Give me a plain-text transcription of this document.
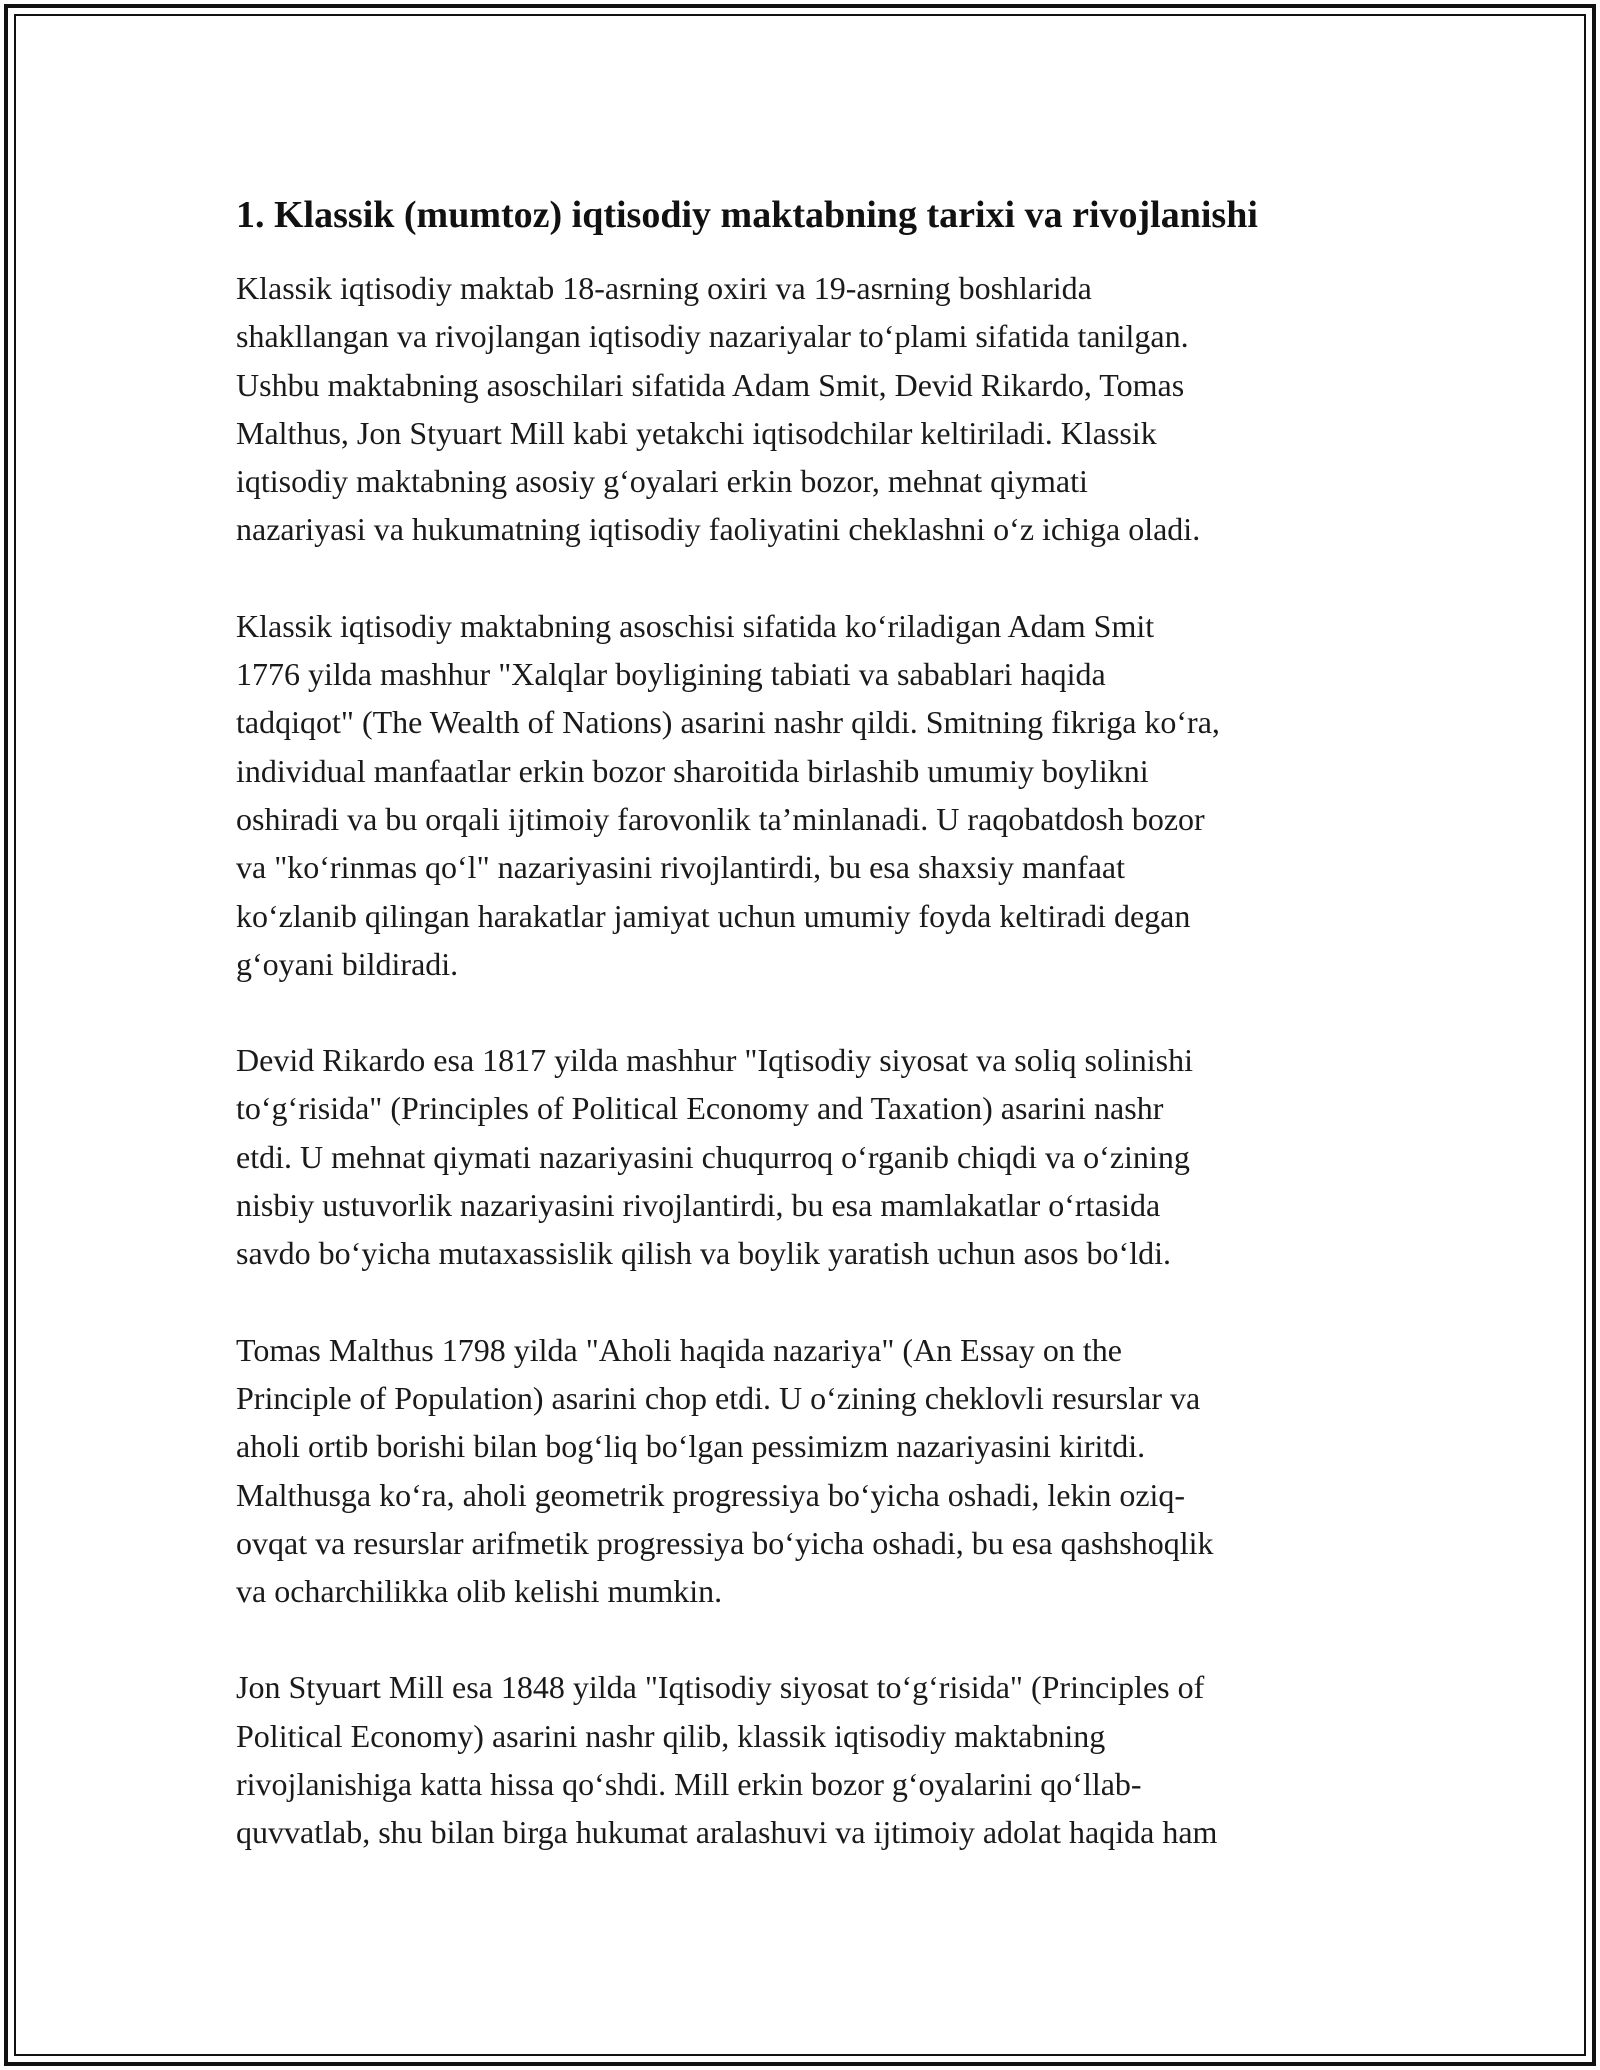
1. Klassik (mumtoz) iqtisodiy maktabning tarixi va rivojlanishi

Klassik iqtisodiy maktab 18-asrning oxiri va 19-asrning boshlarida
shakllangan va rivojlangan iqtisodiy nazariyalar to‘plami sifatida tanilgan.
Ushbu maktabning asoschilari sifatida Adam Smit, Devid Rikardo, Tomas
Malthus, Jon Styuart Mill kabi yetakchi iqtisodchilar keltiriladi. Klassik
iqtisodiy maktabning asosiy g‘oyalari erkin bozor, mehnat qiymati
nazariyasi va hukumatning iqtisodiy faoliyatini cheklashni o‘z ichiga oladi.

Klassik iqtisodiy maktabning asoschisi sifatida ko‘riladigan Adam Smit
1776 yilda mashhur "Xalqlar boyligining tabiati va sabablari haqida
tadqiqot" (The Wealth of Nations) asarini nashr qildi. Smitning fikriga ko‘ra,
individual manfaatlar erkin bozor sharoitida birlashib umumiy boylikni
oshiradi va bu orqali ijtimoiy farovonlik ta’minlanadi. U raqobatdosh bozor
va "ko‘rinmas qo‘l" nazariyasini rivojlantirdi, bu esa shaxsiy manfaat
ko‘zlanib qilingan harakatlar jamiyat uchun umumiy foyda keltiradi degan
g‘oyani bildiradi.

Devid Rikardo esa 1817 yilda mashhur "Iqtisodiy siyosat va soliq solinishi
to‘g‘risida" (Principles of Political Economy and Taxation) asarini nashr
etdi. U mehnat qiymati nazariyasini chuqurroq o‘rganib chiqdi va o‘zining
nisbiy ustuvorlik nazariyasini rivojlantirdi, bu esa mamlakatlar o‘rtasida
savdo bo‘yicha mutaxassislik qilish va boylik yaratish uchun asos bo‘ldi.

Tomas Malthus 1798 yilda "Aholi haqida nazariya" (An Essay on the
Principle of Population) asarini chop etdi. U o‘zining cheklovli resurslar va
aholi ortib borishi bilan bog‘liq bo‘lgan pessimizm nazariyasini kiritdi.
Malthusga ko‘ra, aholi geometrik progressiya bo‘yicha oshadi, lekin oziq-
ovqat va resurslar arifmetik progressiya bo‘yicha oshadi, bu esa qashshoqlik
va ocharchilikka olib kelishi mumkin.

Jon Styuart Mill esa 1848 yilda "Iqtisodiy siyosat to‘g‘risida" (Principles of
Political Economy) asarini nashr qilib, klassik iqtisodiy maktabning
rivojlanishiga katta hissa qo‘shdi. Mill erkin bozor g‘oyalarini qo‘llab-
quvvatlab, shu bilan birga hukumat aralashuvi va ijtimoiy adolat haqida ham
